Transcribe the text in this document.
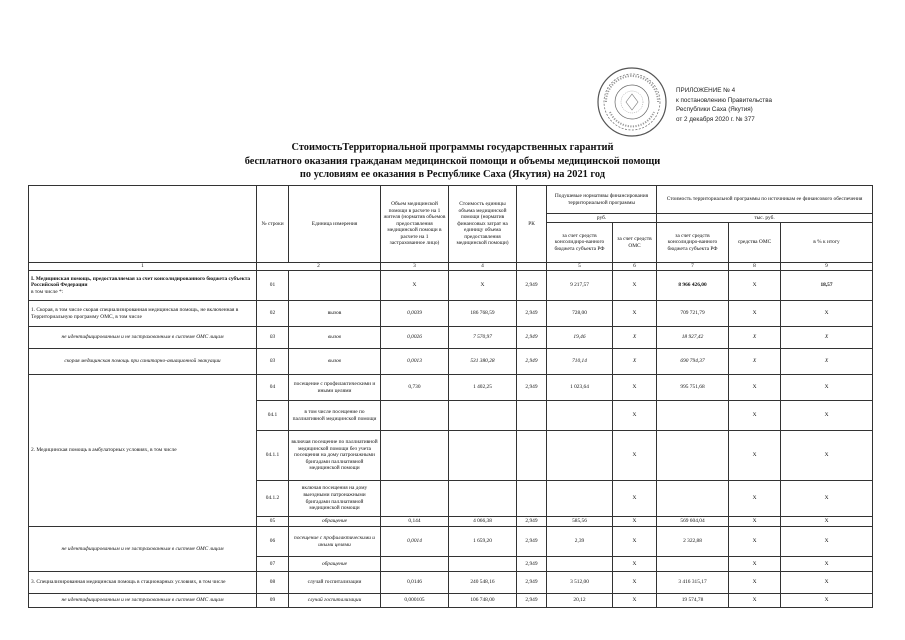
ПРИЛОЖЕНИЕ № 4
к постановлению Правительства
Республики Саха (Якутия)
от 2 декабря 2020 г. № 377
СтоимостьТерриториальной программы государственных гарантий
бесплатного оказания гражданам медицинской помощи и объемы медицинской помощи
по условиям ее оказания в Республике Саха (Якутия) на 2021 год
	№ строки	Единица измерения	Объем медицинской помощи в расчете на 1 жителя (норматив объемов предоставления медицинской помощи в расчете на 1 застрахованное лицо)	Стоимость единицы объема медицинской помощи (норматив финансовых затрат на единицу объема предоставления медицинской помощи)	РК	Подушевые нормативы финансирования территориальной программы		Стоимость территориальной программы по источникам ее финансового обеспечения		
						руб.		тыс. руб.		
						за счет средств консолидиро-ванного бюджета субъекта РФ	за счет средств ОМС	за счет средств консолидиро-ванного бюджета субъекта РФ	средства ОМС	в % к итогу
1	2		3	4		5	6	7	8	9
I. Медицинская помощь, предоставляемая за счет консолидированного бюджета субъекта Российской Федерации
в том числе *:	01		X	X	2,949	9 217,57	X	8 966 426,00	X	18,57
1. Скорая, в том числе скорая специализированная медицинская помощь, не включенная в Территориальную программу ОМС, в том числе	02	вызов	0,0039	186 768,59	2,949	728,00	X	709 721,79	X	X
не идентифицированным и не застрахованным в системе ОМС лицам	03	вызов	0,0026	7 570,97	2,949	19,46	X	18 927,42	X	X
скорая медицинская помощь при санитарно-авиационной эвакуации	03	вызов	0,0013	531 380,28	2,949	710,14	X	690 794,37	X	X
2. Медицинская помощь в амбулаторных условиях, в том числе	04	посещение с профилактическими и иными целями	0,730	1 402,25	2,949	1 023,64	X	995 751,68	X	X
	04.1	в том числе посещение по паллиативной медицинской помощи					X		X	X
	04.1.1	включая посещение по паллиативной медицинской помощи без учета посещения на дому патронажными бригадами паллиативной медицинской помощи					X		X	X
	04.1.2	включая посещения на дому выездными патронажными бригадами паллиативной медицинской помощи					X		X	X
	05	обращение	0,144	4 066,38	2,949	585,56	X	569 604,04	X	X
не идентифицированным и не застрахованным в системе ОМС лицам	06	посещение с профилактическими и иными целями	0,0014	1 659,20	2,949	2,39	X	2 322,88	X	X
	07	обращение			2,949		X		X	X
3. Специализированная медицинская помощь в стационарных условиях, в том числе	08	случай госпитализации	0,0146	240 548,16	2,949	3 512,00	X	3 416 315,17	X	X
не идентифицированным и не застрахованным в системе ОМС лицам	09	случай госпитализации	0,000105	106 748,00	2,949	20,12	X	19 574,78	X	X
